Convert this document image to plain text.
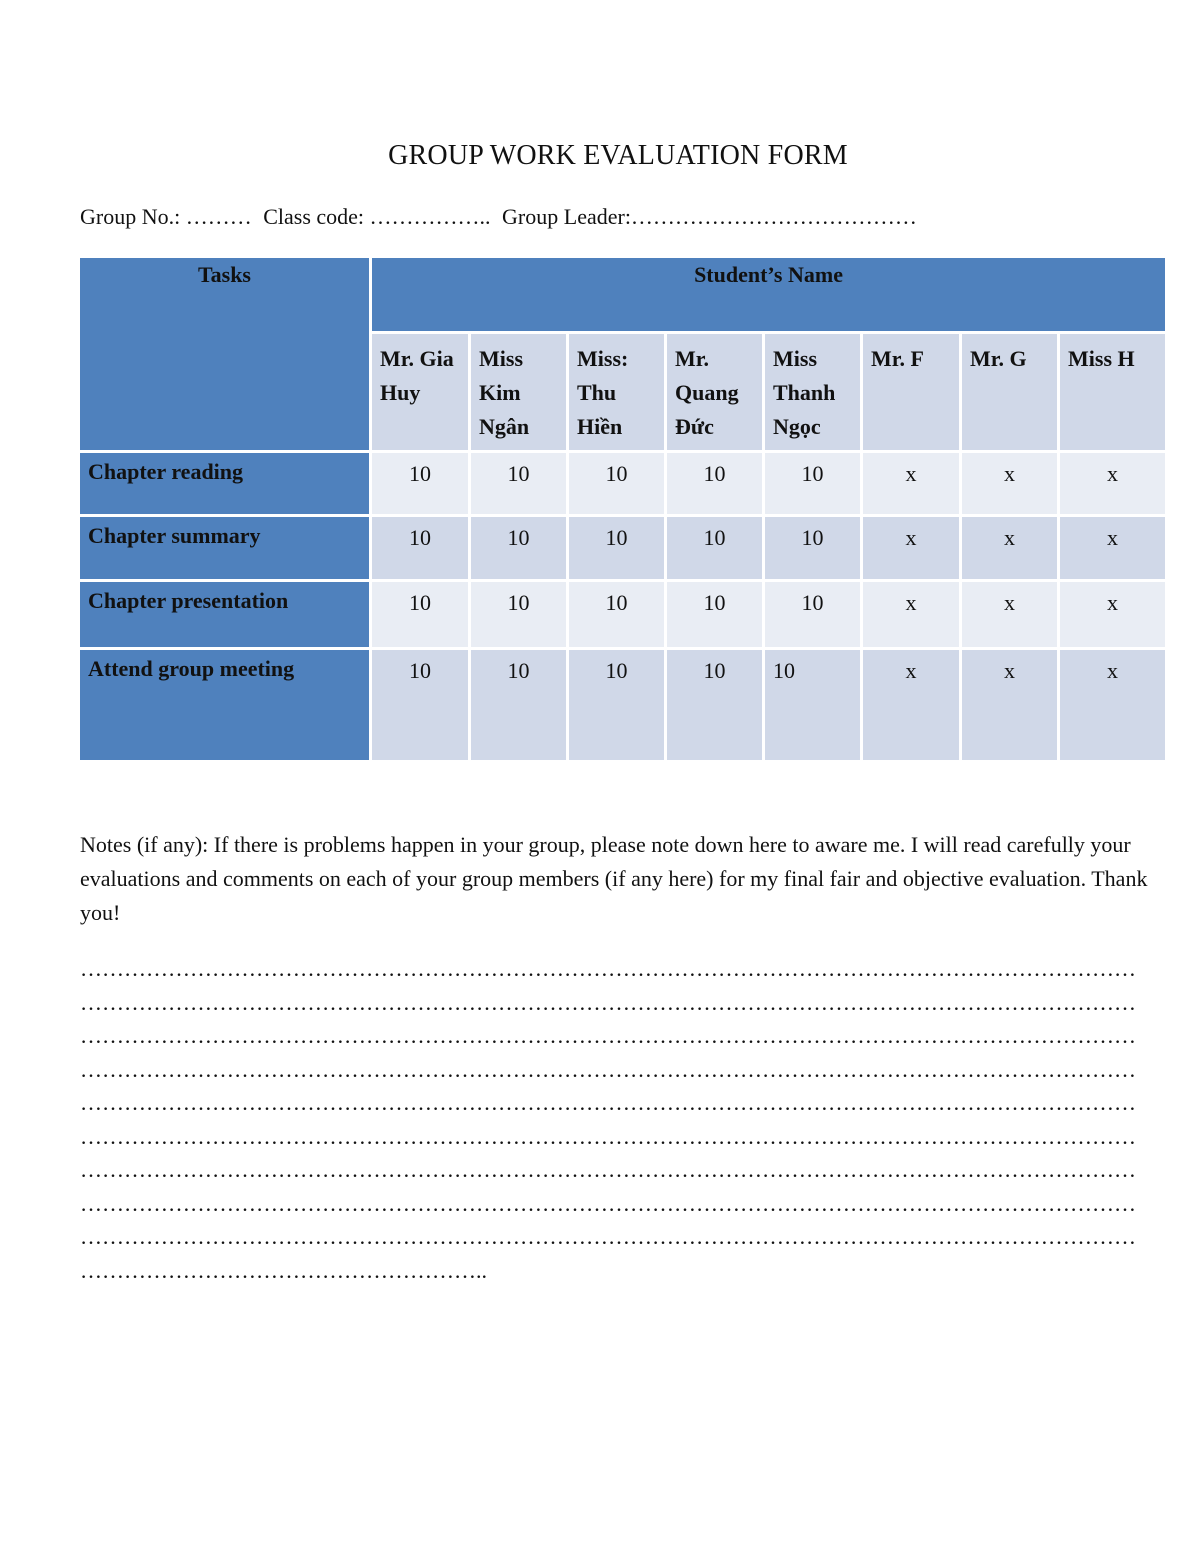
GROUP WORK EVALUATION FORM
Group No.: ……… Class code: …………….. Group Leader:…………………………………
Tasks	Student’s Name							
	Mr. Gia Huy	Miss Kim Ngân	Miss: Thu Hiền	Mr. Quang Đức	Miss Thanh Ngọc	Mr. F	Mr. G	Miss H
Chapter reading	10	10	10	10	10	x	x	x
Chapter summary	10	10	10	10	10	x	x	x
Chapter presentation	10	10	10	10	10	x	x	x
Attend group meeting	10	10	10	10	10	x	x	x
Notes (if any): If there is problems happen in your group, please note down here to aware me. I will read carefully your evaluations and comments on each of your group members (if any here) for my final fair and objective evaluation. Thank you!
………………………………………………………………………………………………………………………………
………………………………………………………………………………………………………………………………
………………………………………………………………………………………………………………………………
………………………………………………………………………………………………………………………………
………………………………………………………………………………………………………………………………
………………………………………………………………………………………………………………………………
………………………………………………………………………………………………………………………………
………………………………………………………………………………………………………………………………
………………………………………………………………………………………………………………………………
………………………………………………..
